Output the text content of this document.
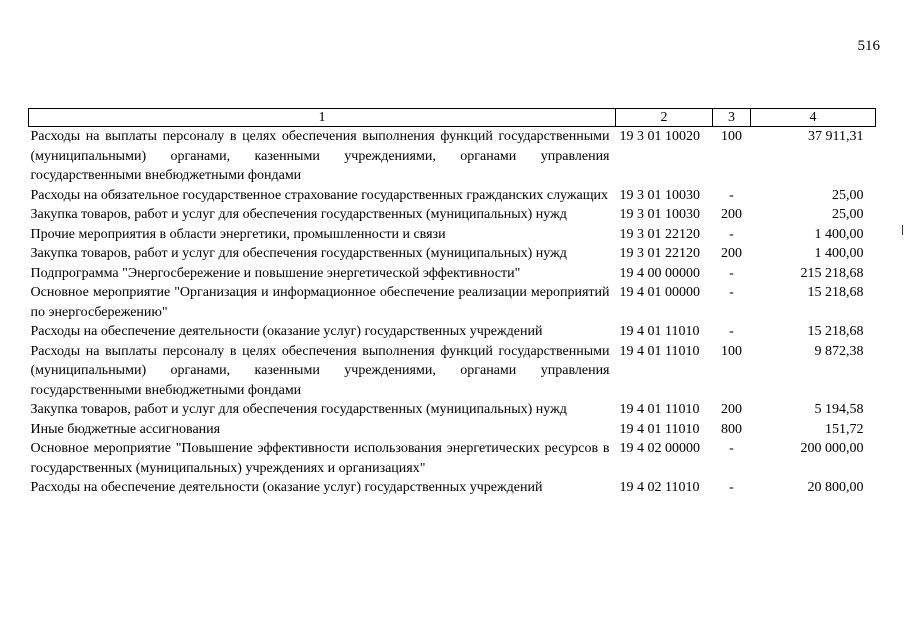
516
1	2	3	4
Расходы на выплаты персоналу в целях обеспечения выполнения функций государственными (муниципальными) органами, казенными учреждениями, органами управления государственными внебюджетными фондами	19 3 01 10020	100	37 911,31
Расходы на обязательное государственное страхование государственных гражданских служащих	19 3 01 10030	-	25,00
Закупка товаров, работ и услуг для обеспечения государственных (муниципальных) нужд	19 3 01 10030	200	25,00
Прочие мероприятия в области энергетики, промышленности и связи	19 3 01 22120	-	1 400,00
Закупка товаров, работ и услуг для обеспечения государственных (муниципальных) нужд	19 3 01 22120	200	1 400,00
Подпрограмма "Энергосбережение и повышение энергетической эффективности"	19 4 00 00000	-	215 218,68
Основное мероприятие "Организация и информационное обеспечение реализации мероприятий по энергосбережению"	19 4 01 00000	-	15 218,68
Расходы на обеспечение деятельности (оказание услуг) государственных учреждений	19 4 01 11010	-	15 218,68
Расходы на выплаты персоналу в целях обеспечения выполнения функций государственными (муниципальными) органами, казенными учреждениями, органами управления государственными внебюджетными фондами	19 4 01 11010	100	9 872,38
Закупка товаров, работ и услуг для обеспечения государственных (муниципальных) нужд	19 4 01 11010	200	5 194,58
Иные бюджетные ассигнования	19 4 01 11010	800	151,72
Основное мероприятие "Повышение эффективности использования энергетических ресурсов в государственных (муниципальных) учреждениях и организациях"	19 4 02 00000	-	200 000,00
Расходы на обеспечение деятельности (оказание услуг) государственных учреждений	19 4 02 11010	-	20 800,00
